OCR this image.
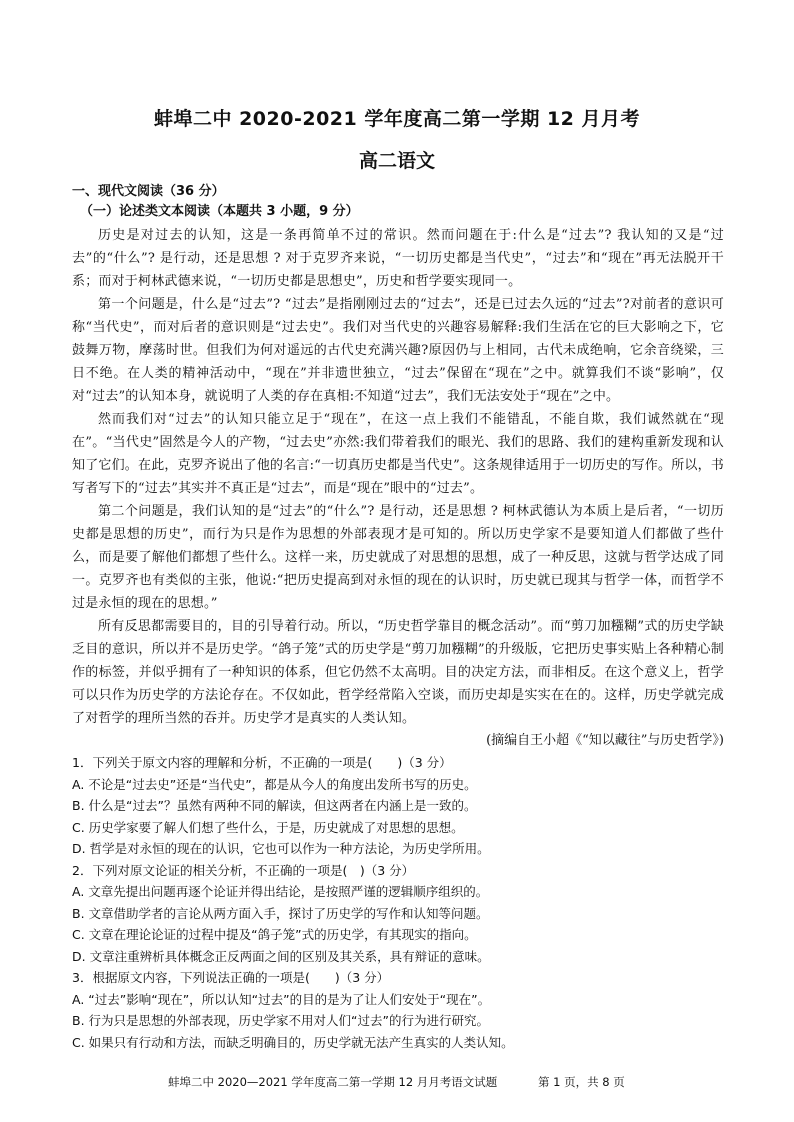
蚌埠二中 2020-2021 学年度高二第一学期 12 月月考
高二语文

一、现代文阅读（36 分）

（一）论述类文本阅读（本题共 3 小题，9 分）

历史是对过去的认知，这是一条再简单不过的常识。然而问题在于:什么是“过去”? 我认知的又是“过去”的“什么”? 是行动，还是思想 ? 对于克罗齐来说，“一切历史都是当代史”，“过去”和“现在”再无法脱开干系；而对于柯林武德来说，“一切历史都是思想史”，历史和哲学要实现同一。

第一个问题是，什么是“过去”? “过去”是指刚刚过去的“过去”，还是已过去久远的“过去”?对前者的意识可称“当代史”，而对后者的意识则是“过去史”。我们对当代史的兴趣容易解释:我们生活在它的巨大影响之下，它鼓舞万物，摩荡时世。但我们为何对遥远的古代史充满兴趣?原因仍与上相同，古代未成绝响，它余音绕梁，三日不绝。在人类的精神活动中，“现在”并非遗世独立，“过去”保留在“现在”之中。就算我们不谈“影响”，仅对“过去”的认知本身，就说明了人类的存在真相:不知道“过去”，我们无法安处于“现在”之中。

然而我们对“过去”的认知只能立足于“现在”，在这一点上我们不能错乱，不能自欺，我们诚然就在“现在”。“当代史”固然是今人的产物，“过去史”亦然:我们带着我们的眼光、我们的思路、我们的建构重新发现和认知了它们。在此，克罗齐说出了他的名言:“一切真历史都是当代史”。这条规律适用于一切历史的写作。所以，书写者写下的“过去”其实并不真正是“过去”，而是“现在”眼中的“过去”。

第二个问题是，我们认知的是“过去”的“什么”? 是行动，还是思想 ? 柯林武德认为本质上是后者，“一切历史都是思想的历史”，而行为只是作为思想的外部表现才是可知的。所以历史学家不是要知道人们都做了些什么，而是要了解他们都想了些什么。这样一来，历史就成了对思想的思想，成了一种反思，这就与哲学达成了同一。克罗齐也有类似的主张，他说:“把历史提高到对永恒的现在的认识时，历史就已现其与哲学一体，而哲学不过是永恒的现在的思想。”

所有反思都需要目的，目的引导着行动。所以，“历史哲学靠目的概念活动”。而“剪刀加糨糊”式的历史学缺乏目的意识，所以并不是历史学。“鸽子笼”式的历史学是“剪刀加糨糊”的升级版，它把历史事实贴上各种精心制作的标签，并似乎拥有了一种知识的体系，但它仍然不太高明。目的决定方法，而非相反。在这个意义上，哲学可以只作为历史学的方法论存在。不仅如此，哲学经常陷入空谈，而历史却是实实在在的。这样，历史学就完成了对哲学的理所当然的吞并。历史学才是真实的人类认知。

(摘编自王小超《“知以藏往”与历史哲学》)

1．下列关于原文内容的理解和分析，不正确的一项是(　　)（3 分）

A. 不论是“过去史”还是“当代史”，都是从今人的角度出发所书写的历史。

B. 什么是“过去”？虽然有两种不同的解读，但这两者在内涵上是一致的。

C. 历史学家要了解人们想了些什么，于是，历史就成了对思想的思想。

D. 哲学是对永恒的现在的认识，它也可以作为一种方法论，为历史学所用。

2．下列对原文论证的相关分析，不正确的一项是(　)（3 分）

A. 文章先提出问题再逐个论证并得出结论，是按照严谨的逻辑顺序组织的。

B. 文章借助学者的言论从两方面入手，探讨了历史学的写作和认知等问题。

C. 文章在理论论证的过程中提及“鸽子笼”式的历史学，有其现实的指向。

D. 文章注重辨析具体概念正反两面之间的区别及其关系，具有辩证的意味。

3．根据原文内容，下列说法正确的一项是(　　)（3 分）

A. “过去”影响“现在”，所以认知“过去”的目的是为了让人们安处于“现在”。

B. 行为只是思想的外部表现，历史学家不用对人们“过去”的行为进行研究。

C. 如果只有行动和方法，而缺乏明确目的，历史学就无法产生真实的人类认知。

蚌埠二中 2020—2021 学年度高二第一学期 12 月月考语文试题	第 1 页，共 8 页
